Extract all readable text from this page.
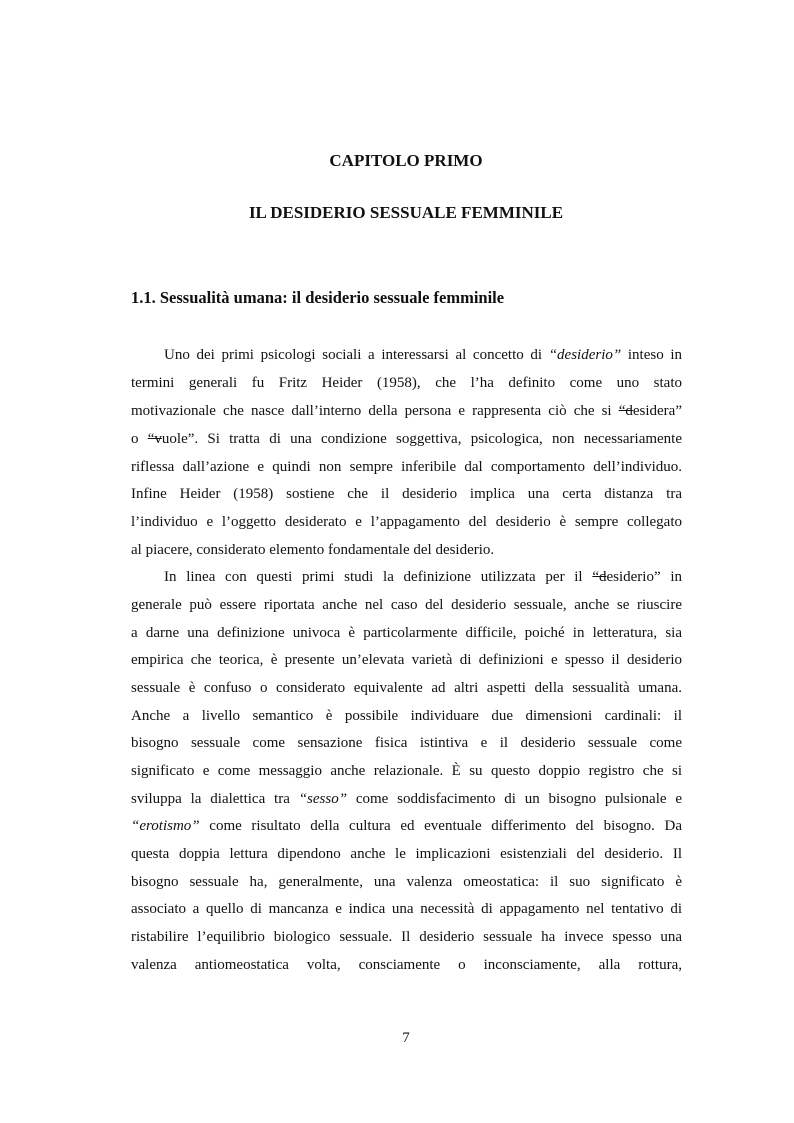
CAPITOLO PRIMO
IL DESIDERIO SESSUALE FEMMINILE
1.1. Sessualità umana: il desiderio sessuale femminile
Uno dei primi psicologi sociali a interessarsi al concetto di “desiderio” inteso in
termini generali fu Fritz Heider (1958), che l’ha definito come uno stato
motivazionale che nasce dall’interno della persona e rappresenta ciò che si “desidera”
o “vuole”. Si tratta di una condizione soggettiva, psicologica, non necessariamente
riflessa dall’azione e quindi non sempre inferibile dal comportamento dell’individuo.
Infine Heider (1958) sostiene che il desiderio implica una certa distanza tra
l’individuo e l’oggetto desiderato e l’appagamento del desiderio è sempre collegato
al piacere, considerato elemento fondamentale del desiderio.
In linea con questi primi studi la definizione utilizzata per il “desiderio” in
generale può essere riportata anche nel caso del desiderio sessuale, anche se riuscire
a darne una definizione univoca è particolarmente difficile, poiché in letteratura, sia
empirica che teorica, è presente un’elevata varietà di definizioni e spesso il desiderio
sessuale è confuso o considerato equivalente ad altri aspetti della sessualità umana.
Anche a livello semantico è possibile individuare due dimensioni cardinali: il
bisogno sessuale come sensazione fisica istintiva e il desiderio sessuale come
significato e come messaggio anche relazionale. È su questo doppio registro che si
sviluppa la dialettica tra “sesso” come soddisfacimento di un bisogno pulsionale e
“erotismo” come risultato della cultura ed eventuale differimento del bisogno. Da
questa doppia lettura dipendono anche le implicazioni esistenziali del desiderio. Il
bisogno sessuale ha, generalmente, una valenza omeostatica: il suo significato è
associato a quello di mancanza e indica una necessità di appagamento nel tentativo di
ristabilire l’equilibrio biologico sessuale. Il desiderio sessuale ha invece spesso una
valenza antiomeostatica volta, consciamente o inconsciamente, alla rottura,
7
